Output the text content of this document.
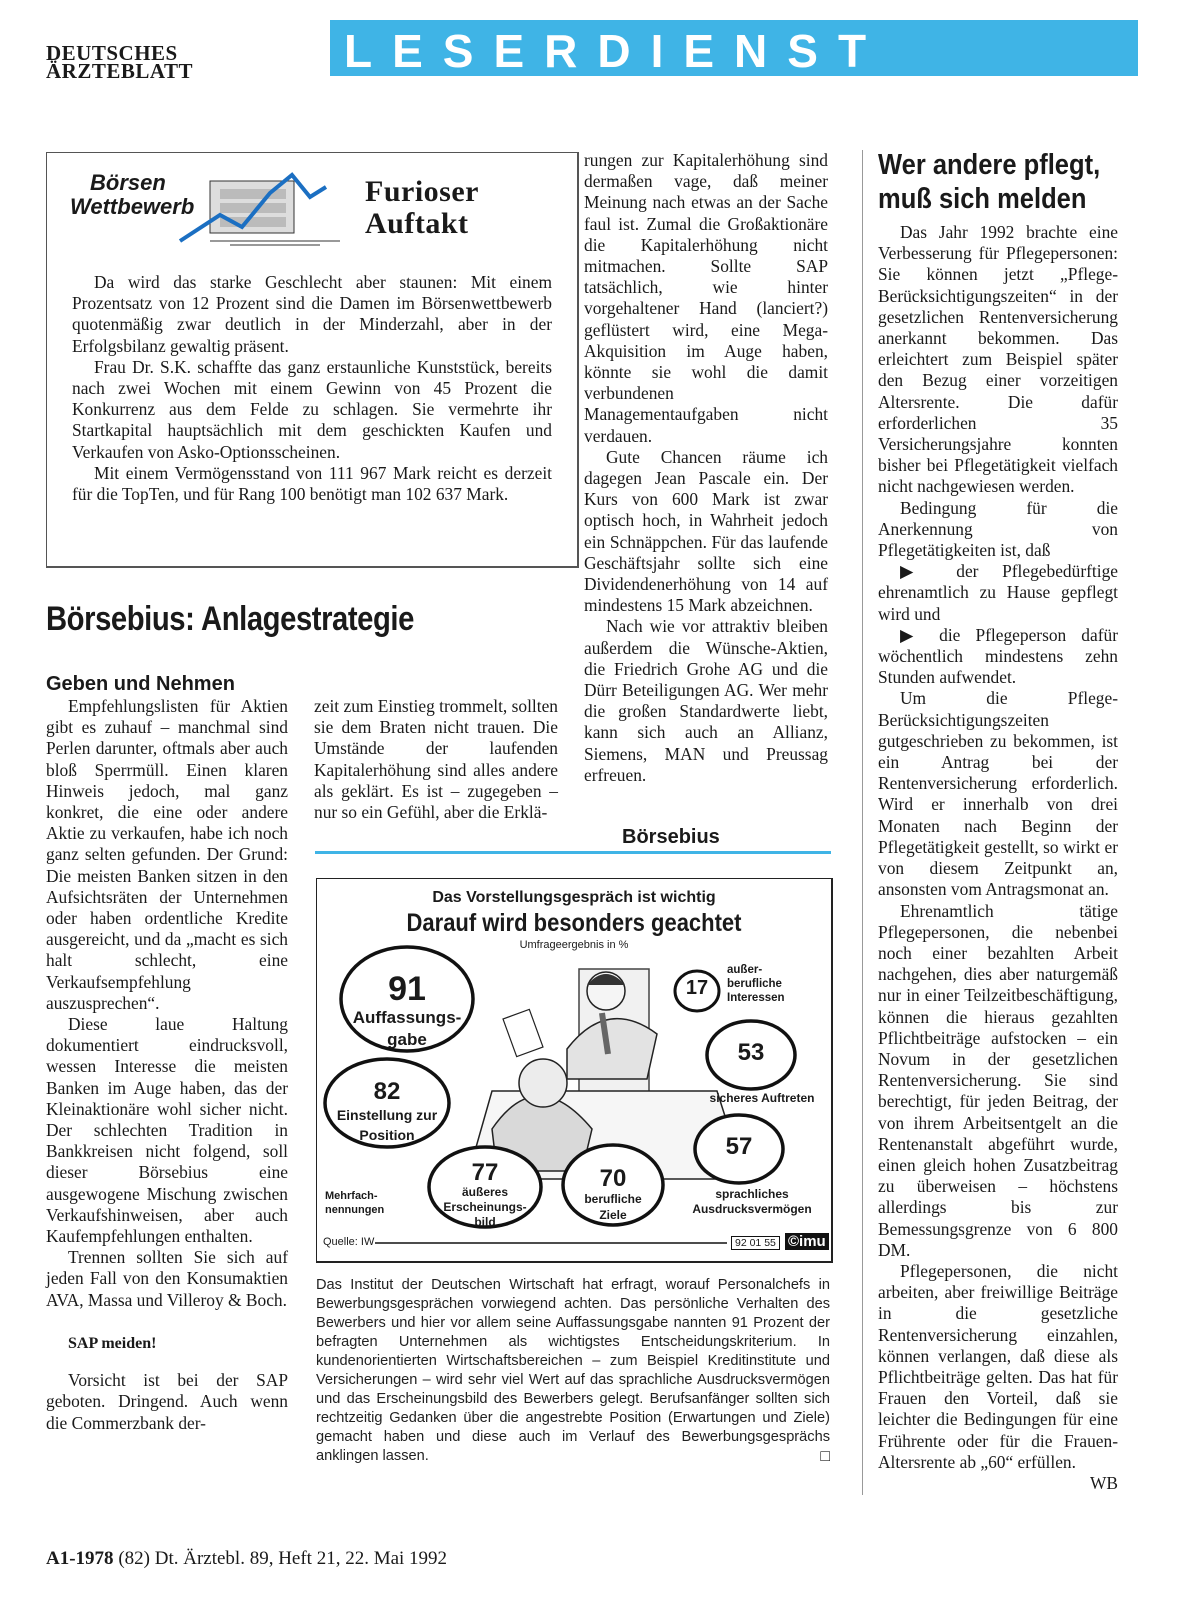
DEUTSCHES
ÄRZTEBLATT	LESERDIENST
Börsen
Wettbewerb	Furioser
Auftakt

Da wird das starke Geschlecht aber staunen: Mit einem Prozentsatz von 12 Prozent sind die Damen im Börsenwettbewerb quotenmäßig zwar deutlich in der Minderzahl, aber in der Erfolgsbilanz gewaltig präsent.

Frau Dr. S.K. schaffte das ganz erstaunliche Kunststück, bereits nach zwei Wochen mit einem Gewinn von 45 Prozent die Konkurrenz aus dem Felde zu schlagen. Sie vermehrte ihr Startkapital hauptsächlich mit dem geschickten Kaufen und Verkaufen von Asko-Optionsscheinen.

Mit einem Vermögensstand von 111 967 Mark reicht es derzeit für die TopTen, und für Rang 100 benötigt man 102 637 Mark.

Börsebius: Anlagestrategie
Geben und Nehmen

Empfehlungslisten für Aktien gibt es zuhauf – manchmal sind Perlen darunter, oftmals aber auch bloß Sperrmüll. Einen klaren Hinweis jedoch, mal ganz konkret, die eine oder andere Aktie zu verkaufen, habe ich noch ganz selten gefunden. Der Grund: Die meisten Banken sitzen in den Aufsichtsräten der Unternehmen oder haben ordentliche Kredite ausgereicht, und da „macht es sich halt schlecht, eine Verkaufsempfehlung auszusprechen“.

Diese laue Haltung dokumentiert eindrucksvoll, wessen Interesse die meisten Banken im Auge haben, das der Kleinaktionäre wohl sicher nicht. Der schlechten Tradition in Bankkreisen nicht folgend, soll dieser Börsebius eine ausgewogene Mischung zwischen Verkaufshinweisen, aber auch Kaufempfehlungen enthalten.

Trennen sollten Sie sich auf jeden Fall von den Konsumaktien AVA, Massa und Villeroy & Boch.

SAP meiden!

Vorsicht ist bei der SAP geboten. Dringend. Auch wenn die Commerzbank der-

zeit zum Einstieg trommelt, sollten sie dem Braten nicht trauen. Die Umstände der laufenden Kapitalerhöhung sind alles andere als geklärt. Es ist – zugegeben – nur so ein Gefühl, aber die Erklä-

rungen zur Kapitalerhöhung sind dermaßen vage, daß meiner Meinung nach etwas an der Sache faul ist. Zumal die Großaktionäre die Kapitalerhöhung nicht mitmachen. Sollte SAP tatsächlich, wie hinter vorgehaltener Hand (lanciert?) geflüstert wird, eine Mega-Akquisition im Auge haben, könnte sie wohl die damit verbundenen Managementaufgaben nicht verdauen.

Gute Chancen räume ich dagegen Jean Pascale ein. Der Kurs von 600 Mark ist zwar optisch hoch, in Wahrheit jedoch ein Schnäppchen. Für das laufende Geschäftsjahr sollte sich eine Dividendenerhöhung von 14 auf mindestens 15 Mark abzeichnen.

Nach wie vor attraktiv bleiben außerdem die Wünsche-Aktien, die Friedrich Grohe AG und die Dürr Beteiligungen AG. Wer mehr die großen Standardwerte liebt, kann sich auch an Allianz, Siemens, MAN und Preussag erfreuen.

Börsebius
Das Vorstellungsgespräch ist wichtig
Darauf wird besonders geachtet
Umfrageergebnis in %
91
Auffassungs-
gabe
82
Einstellung zur
Position
77
äußeres
Erscheinungs-
bild
70
berufliche
Ziele
17
außer-
berufliche
Interessen
53
sicheres Auftreten
57
sprachliches
Ausdrucksvermögen
Mehrfach-
nennungen
Quelle: IW	92 01 55 ©imu
Das Institut der Deutschen Wirtschaft hat erfragt, worauf Personalchefs in Bewerbungsgesprächen vorwiegend achten. Das persönliche Verhalten des Bewerbers und hier vor allem seine Auffassungsgabe nannten 91 Prozent der befragten Unternehmen als wichtigstes Entscheidungskriterium. In kundenorientierten Wirtschaftsbereichen – zum Beispiel Kreditinstitute und Versicherungen – wird sehr viel Wert auf das sprachliche Ausdrucksvermögen und das Erscheinungsbild des Bewerbers gelegt. Berufsanfänger sollten sich rechtzeitig Gedanken über die angestrebte Position (Erwartungen und Ziele) gemacht haben und diese auch im Verlauf des Bewerbungsgesprächs anklingen lassen.	□
Wer andere pflegt,
muß sich melden

Das Jahr 1992 brachte eine Verbesserung für Pflegepersonen: Sie können jetzt „Pflege-Berücksichtigungszeiten“ in der gesetzlichen Rentenversicherung anerkannt bekommen. Das erleichtert zum Beispiel später den Bezug einer vorzeitigen Altersrente. Die dafür erforderlichen 35 Versicherungsjahre konnten bisher bei Pflegetätigkeit vielfach nicht nachgewiesen werden.

Bedingung für die Anerkennung von Pflegetätigkeiten ist, daß

▶ der Pflegebedürftige ehrenamtlich zu Hause gepflegt wird und

▶ die Pflegeperson dafür wöchentlich mindestens zehn Stunden aufwendet.

Um die Pflege-Berücksichtigungszeiten gutgeschrieben zu bekommen, ist ein Antrag bei der Rentenversicherung erforderlich. Wird er innerhalb von drei Monaten nach Beginn der Pflegetätigkeit gestellt, so wirkt er von diesem Zeitpunkt an, ansonsten vom Antragsmonat an.

Ehrenamtlich tätige Pflegepersonen, die nebenbei noch einer bezahlten Arbeit nachgehen, dies aber naturgemäß nur in einer Teilzeitbeschäftigung, können die hieraus gezahlten Pflichtbeiträge aufstocken – ein Novum in der gesetzlichen Rentenversicherung. Sie sind berechtigt, für jeden Beitrag, der von ihrem Arbeitsentgelt an die Rentenanstalt abgeführt wurde, einen gleich hohen Zusatzbeitrag zu überweisen – höchstens allerdings bis zur Bemessungsgrenze von 6 800 DM.

Pflegepersonen, die nicht arbeiten, aber freiwillige Beiträge in die gesetzliche Rentenversicherung einzahlen, können verlangen, daß diese als Pflichtbeiträge gelten. Das hat für Frauen den Vorteil, daß sie leichter die Bedingungen für eine Frührente oder für die Frauen-Altersrente ab „60“ erfüllen.
WB

A1-1978 (82) Dt. Ärztebl. 89, Heft 21, 22. Mai 1992
